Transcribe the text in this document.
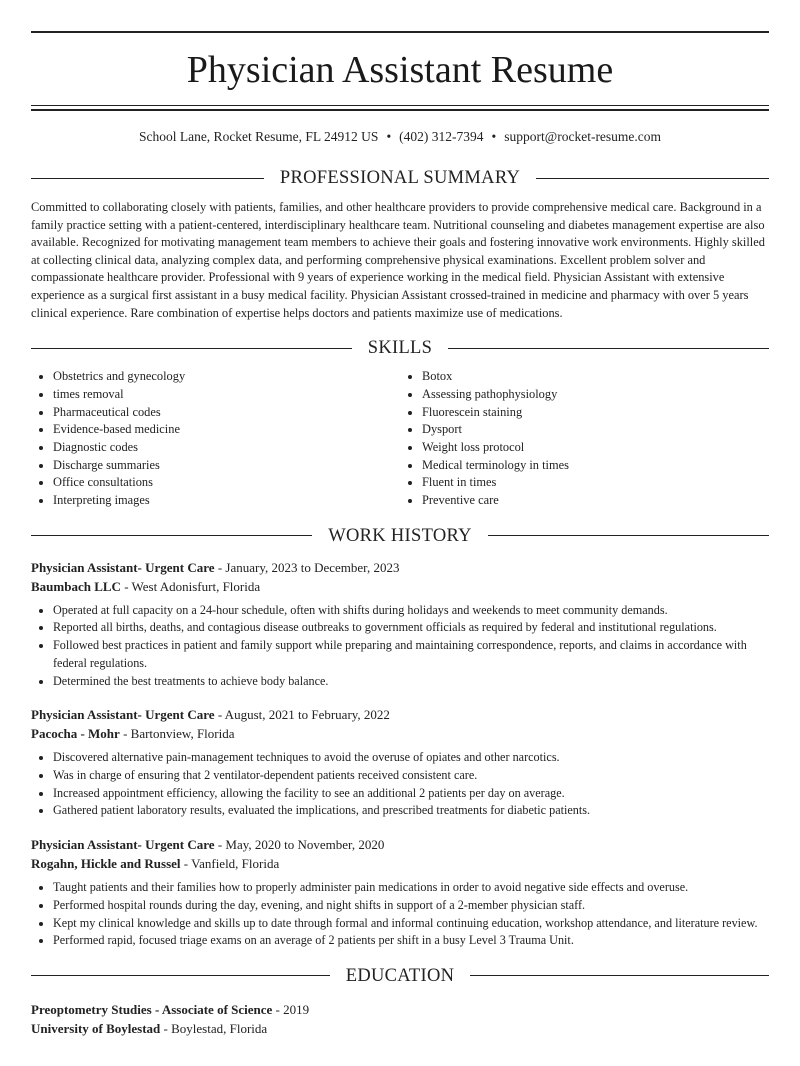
Physician Assistant Resume
School Lane, Rocket Resume, FL 24912 US • (402) 312-7394 • support@rocket-resume.com
PROFESSIONAL SUMMARY
Committed to collaborating closely with patients, families, and other healthcare providers to provide comprehensive medical care. Background in a family practice setting with a patient-centered, interdisciplinary healthcare team. Nutritional counseling and diabetes management expertise are also available. Recognized for motivating management team members to achieve their goals and fostering innovative work environments. Highly skilled at collecting clinical data, analyzing complex data, and performing comprehensive physical examinations. Excellent problem solver and compassionate healthcare provider. Professional with 9 years of experience working in the medical field. Physician Assistant with extensive experience as a surgical first assistant in a busy medical facility. Physician Assistant crossed-trained in medicine and pharmacy with over 5 years clinical experience. Rare combination of expertise helps doctors and patients maximize use of medications.
SKILLS
• Obstetrics and gynecology
• times removal
• Pharmaceutical codes
• Evidence-based medicine
• Diagnostic codes
• Discharge summaries
• Office consultations
• Interpreting images
• Botox
• Assessing pathophysiology
• Fluorescein staining
• Dysport
• Weight loss protocol
• Medical terminology in times
• Fluent in times
• Preventive care
WORK HISTORY
Physician Assistant- Urgent Care - January, 2023 to December, 2023
Baumbach LLC - West Adonisfurt, Florida
• Operated at full capacity on a 24-hour schedule, often with shifts during holidays and weekends to meet community demands.
• Reported all births, deaths, and contagious disease outbreaks to government officials as required by federal and institutional regulations.
• Followed best practices in patient and family support while preparing and maintaining correspondence, reports, and claims in accordance with federal regulations.
• Determined the best treatments to achieve body balance.
Physician Assistant- Urgent Care - August, 2021 to February, 2022
Pacocha - Mohr - Bartonview, Florida
• Discovered alternative pain-management techniques to avoid the overuse of opiates and other narcotics.
• Was in charge of ensuring that 2 ventilator-dependent patients received consistent care.
• Increased appointment efficiency, allowing the facility to see an additional 2 patients per day on average.
• Gathered patient laboratory results, evaluated the implications, and prescribed treatments for diabetic patients.
Physician Assistant- Urgent Care - May, 2020 to November, 2020
Rogahn, Hickle and Russel - Vanfield, Florida
• Taught patients and their families how to properly administer pain medications in order to avoid negative side effects and overuse.
• Performed hospital rounds during the day, evening, and night shifts in support of a 2-member physician staff.
• Kept my clinical knowledge and skills up to date through formal and informal continuing education, workshop attendance, and literature review.
• Performed rapid, focused triage exams on an average of 2 patients per shift in a busy Level 3 Trauma Unit.
EDUCATION
Preoptometry Studies - Associate of Science - 2019
University of Boylestad - Boylestad, Florida
